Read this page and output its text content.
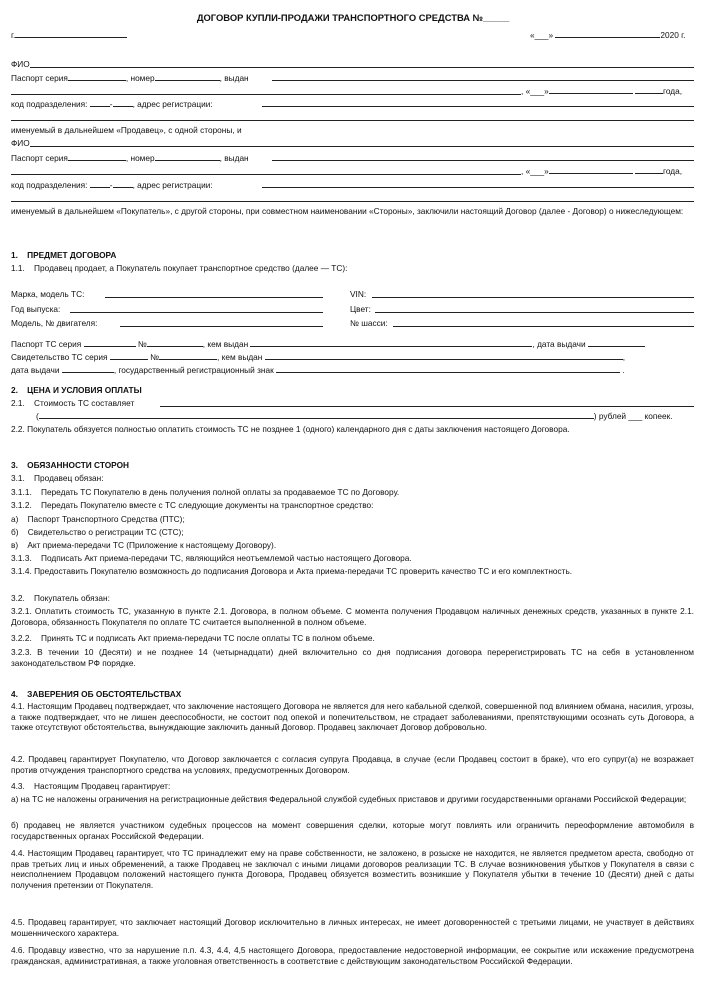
ДОГОВОР КУПЛИ-ПРОДАЖИ ТРАНСПОРТНОГО СРЕДСТВА №_____
г.	«___»	2020 г.
ФИО
Паспорт серия	, номер	, выдан
, «___»	года,
код подразделения:	- , адрес регистрации:
именуемый в дальнейшем «Продавец», с одной стороны, и
ФИО
Паспорт серия	, номер	, выдан
, «___»	года,
код подразделения:	- , адрес регистрации:
именуемый в дальнейшем «Покупатель», с другой стороны, при совместном наименовании «Стороны», заключили настоящий Договор (далее - Договор) о нижеследующем:
1.    ПРЕДМЕТ ДОГОВОРА
1.1.    Продавец продает, а Покупатель покупает транспортное средство (далее — ТС):
Марка, модель ТС:	VIN:
Год выпуска:	Цвет:
Модель, № двигателя:	№ шасси:
Паспорт ТС серия	№	, кем выдан	, дата выдачи
Свидетельство ТС серия	№	, кем выдан	,
дата выдачи	, государственный регистрационный знак	.
2.    ЦЕНА И УСЛОВИЯ ОПЛАТЫ
2.1.    Стоимость ТС составляет
(	) рублей ___ копеек.
2.2. Покупатель обязуется полностью оплатить стоимость ТС не позднее 1 (одного) календарного дня с даты заключения настоящего Договора.
3.    ОБЯЗАННОСТИ СТОРОН
3.1.    Продавец обязан:
3.1.1.    Передать ТС Покупателю в день получения полной оплаты за продаваемое ТС по Договору.
3.1.2.    Передать Покупателю вместе с ТС следующие документы на транспортное средство:
а)    Паспорт Транспортного Средства (ПТС);
б)    Свидетельство о регистрации ТС (СТС);
в)    Акт приема-передачи ТС (Приложение к настоящему Договору).
3.1.3.    Подписать Акт приема-передачи ТС, являющийся неотъемлемой частью настоящего Договора.
3.1.4. Предоставить Покупателю возможность до подписания Договора и Акта приема-передачи ТС проверить качество ТС и его комплектность.
3.2.    Покупатель обязан:
3.2.1. Оплатить стоимость ТС, указанную в пункте 2.1. Договора, в полном объеме. С момента получения Продавцом наличных денежных средств, указанных в пункте 2.1. Договора, обязанность Покупателя по оплате ТС считается выполненной в полном объеме.
3.2.2.    Принять ТС и подписать Акт приема-передачи ТС после оплаты ТС в полном объеме.
3.2.3. В течении 10 (Десяти) и не позднее 14 (четырнадцати) дней включительно со дня подписания договора перерегистрировать ТС на себя в установленном законодательством РФ порядке.
4.    ЗАВЕРЕНИЯ ОБ ОБСТОЯТЕЛЬСТВАХ
4.1. Настоящим Продавец подтверждает, что заключение настоящего Договора не является для него кабальной сделкой, совершенной под влиянием обмана, насилия, угрозы, а также подтверждает, что не лишен дееспособности, не состоит под опекой и попечительством, не страдает заболеваниями, препятствующими осознать суть Договора, а также отсутствуют обстоятельства, вынуждающие заключить данный Договор. Продавец заключает Договор добровольно.
4.2. Продавец гарантирует Покупателю, что Договор заключается с согласия супруга Продавца, в случае (если Продавец состоит в браке), что его супруг(а) не возражает против отчуждения транспортного средства на условиях, предусмотренных Договором.
4.3.    Настоящим Продавец гарантирует:
а) на ТС не наложены ограничения на регистрационные действия Федеральной службой судебных приставов и другими государственными органами Российской Федерации;
б) продавец не является участником судебных процессов на момент совершения сделки, которые могут повлиять или ограничить переоформление автомобиля в государственных органах Российской Федерации.
4.4. Настоящим Продавец гарантирует, что ТС принадлежит ему на праве собственности, не заложено, в розыске не находится, не является предметом ареста, свободно от прав третьих лиц и иных обременений, а также Продавец не заключал с иными лицами договоров реализации ТС. В случае возникновения убытков у Покупателя в связи с неисполнением Продавцом положений настоящего пункта Договора, Продавец обязуется возместить возникшие у Покупателя убытки в течение 10 (Десяти) дней с даты получения претензии от Покупателя.
4.5. Продавец гарантирует, что заключает настоящий Договор исключительно в личных интересах, не имеет договоренностей с третьими лицами, не участвует в действиях мошеннического характера.
4.6. Продавцу известно, что за нарушение п.п. 4.3, 4.4, 4,5 настоящего Договора, предоставление недостоверной информации, ее сокрытие или искажение предусмотрена гражданская, административная, а также уголовная ответственность в соответствие с действующим законодательством Российской Федерации.
